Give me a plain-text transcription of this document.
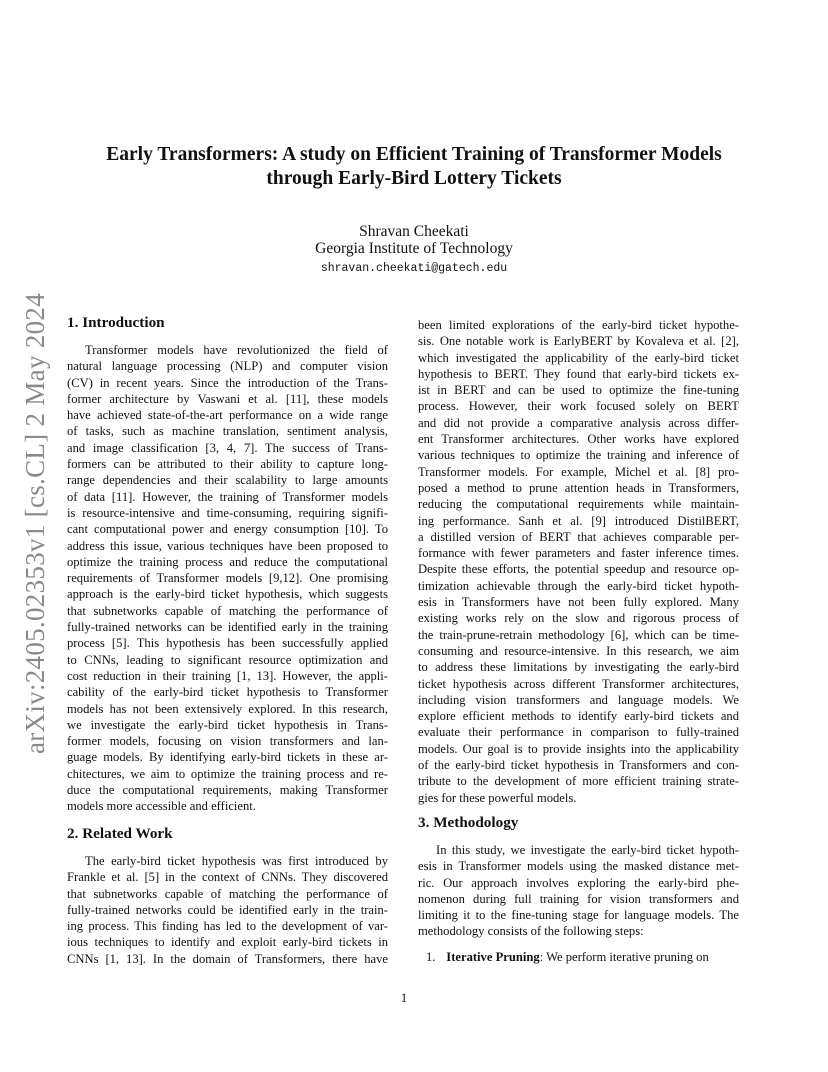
arXiv:2405.02353v1 [cs.CL] 2 May 2024
Early Transformers: A study on Efficient Training of Transformer Models
through Early-Bird Lottery Tickets
Shravan Cheekati
Georgia Institute of Technology
shravan.cheekati@gatech.edu
1. Introduction
Transformer models have revolutionized the field of
natural language processing (NLP) and computer vision
(CV) in recent years. Since the introduction of the Trans-
former architecture by Vaswani et al. [11], these models
have achieved state-of-the-art performance on a wide range
of tasks, such as machine translation, sentiment analysis,
and image classification [3, 4, 7]. The success of Trans-
formers can be attributed to their ability to capture long-
range dependencies and their scalability to large amounts
of data [11]. However, the training of Transformer models
is resource-intensive and time-consuming, requiring signifi-
cant computational power and energy consumption [10]. To
address this issue, various techniques have been proposed to
optimize the training process and reduce the computational
requirements of Transformer models [9,12]. One promising
approach is the early-bird ticket hypothesis, which suggests
that subnetworks capable of matching the performance of
fully-trained networks can be identified early in the training
process [5]. This hypothesis has been successfully applied
to CNNs, leading to significant resource optimization and
cost reduction in their training [1, 13]. However, the appli-
cability of the early-bird ticket hypothesis to Transformer
models has not been extensively explored. In this research,
we investigate the early-bird ticket hypothesis in Trans-
former models, focusing on vision transformers and lan-
guage models. By identifying early-bird tickets in these ar-
chitectures, we aim to optimize the training process and re-
duce the computational requirements, making Transformer
models more accessible and efficient.
2. Related Work
The early-bird ticket hypothesis was first introduced by
Frankle et al. [5] in the context of CNNs. They discovered
that subnetworks capable of matching the performance of
fully-trained networks could be identified early in the train-
ing process. This finding has led to the development of var-
ious techniques to identify and exploit early-bird tickets in
CNNs [1, 13]. In the domain of Transformers, there have
been limited explorations of the early-bird ticket hypothe-
sis. One notable work is EarlyBERT by Kovaleva et al. [2],
which investigated the applicability of the early-bird ticket
hypothesis to BERT. They found that early-bird tickets ex-
ist in BERT and can be used to optimize the fine-tuning
process. However, their work focused solely on BERT
and did not provide a comparative analysis across differ-
ent Transformer architectures. Other works have explored
various techniques to optimize the training and inference of
Transformer models. For example, Michel et al. [8] pro-
posed a method to prune attention heads in Transformers,
reducing the computational requirements while maintain-
ing performance. Sanh et al. [9] introduced DistilBERT,
a distilled version of BERT that achieves comparable per-
formance with fewer parameters and faster inference times.
Despite these efforts, the potential speedup and resource op-
timization achievable through the early-bird ticket hypoth-
esis in Transformers have not been fully explored. Many
existing works rely on the slow and rigorous process of
the train-prune-retrain methodology [6], which can be time-
consuming and resource-intensive. In this research, we aim
to address these limitations by investigating the early-bird
ticket hypothesis across different Transformer architectures,
including vision transformers and language models. We
explore efficient methods to identify early-bird tickets and
evaluate their performance in comparison to fully-trained
models. Our goal is to provide insights into the applicability
of the early-bird ticket hypothesis in Transformers and con-
tribute to the development of more efficient training strate-
gies for these powerful models.
3. Methodology
In this study, we investigate the early-bird ticket hypoth-
esis in Transformer models using the masked distance met-
ric. Our approach involves exploring the early-bird phe-
nomenon during full training for vision transformers and
limiting it to the fine-tuning stage for language models. The
methodology consists of the following steps:
1. Iterative Pruning: We perform iterative pruning on
1
